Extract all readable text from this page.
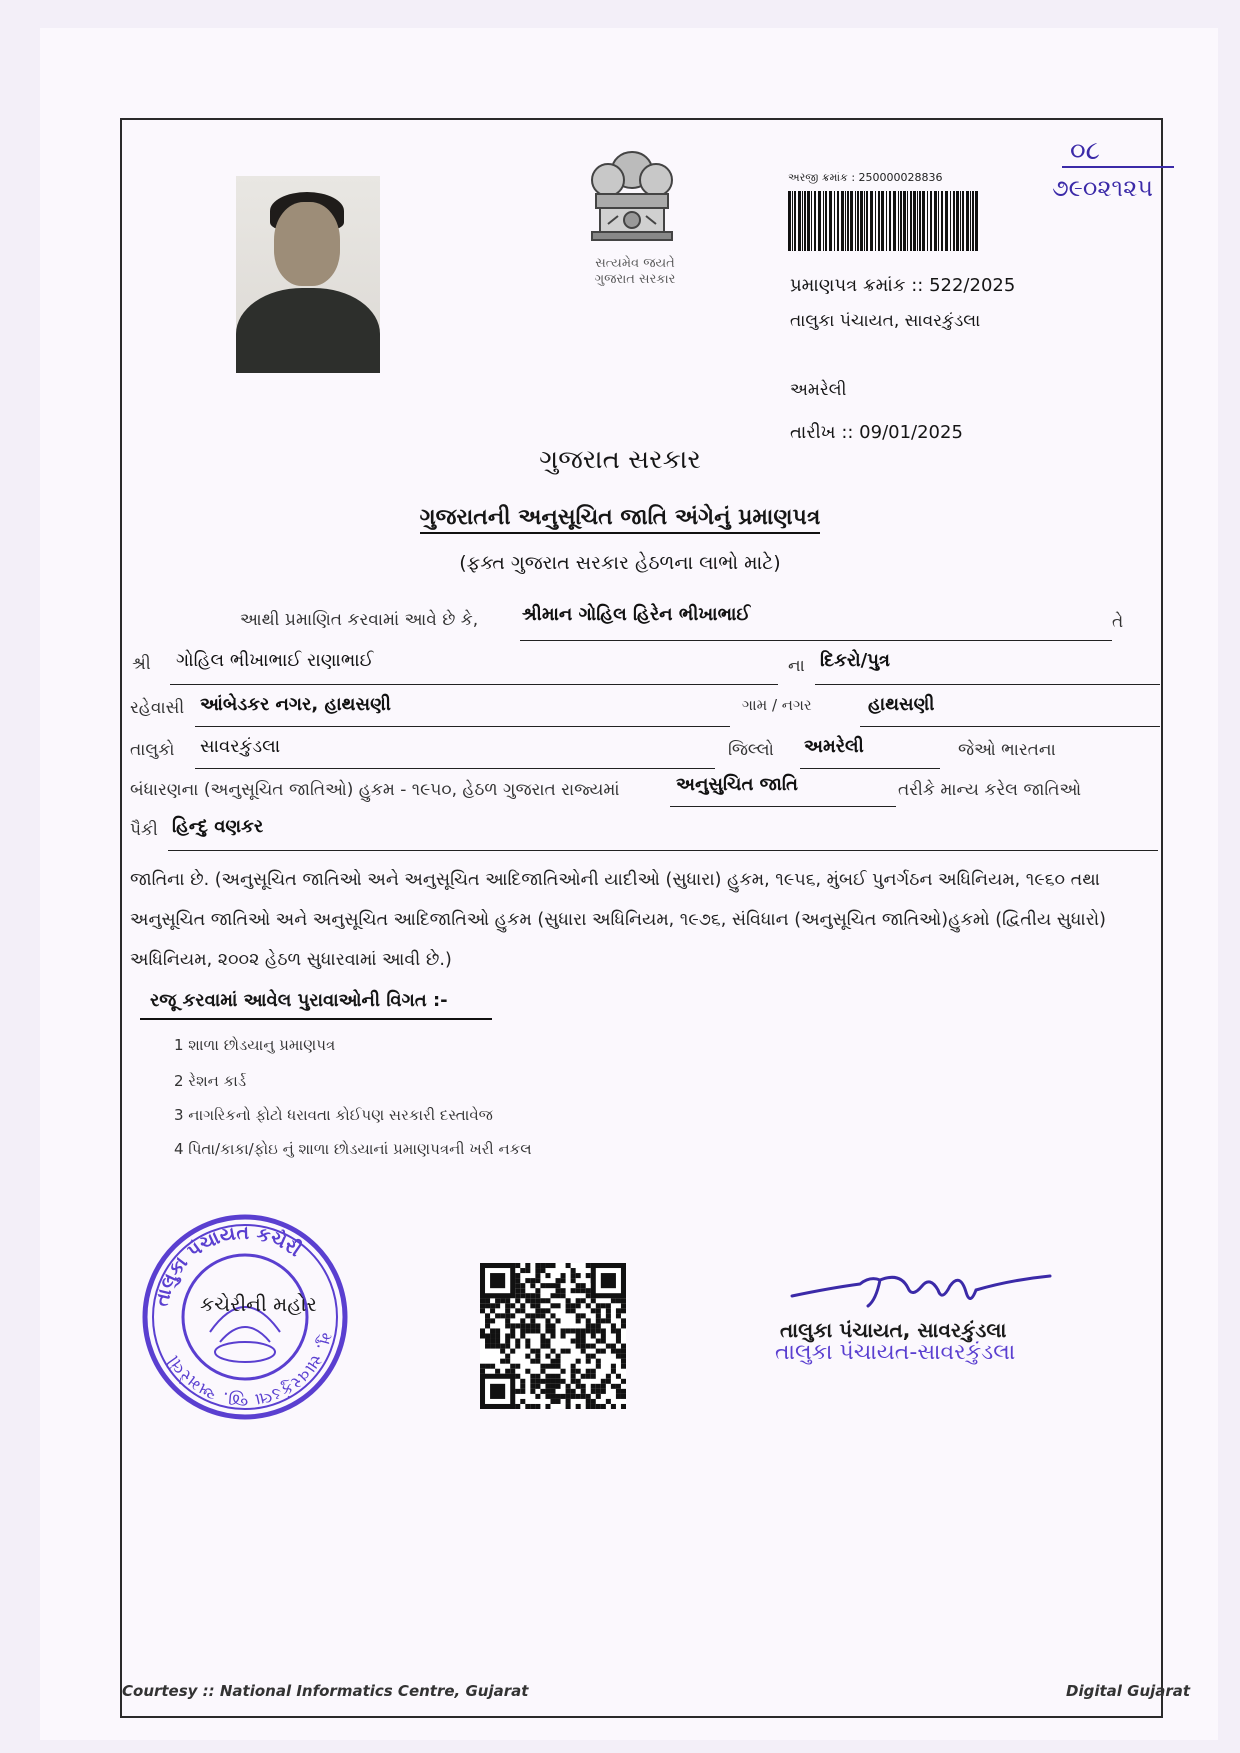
સત્યમેવ જયતે
ગુજરાત સરકાર
અરજી ક્રમાંક : 250000028836
પ્રમાણપત્ર ક્રમાંક :: 522/2025
તાલુકા પંચાયત, સાવરકુંડલા
અમરેલી
તારીખ :: 09/01/2025
૦૮
૭૯૦૨૧૨૫
ગુજરાત સરકાર
ગુજરાતની અનુસૂચિત જાતિ અંગેનું પ્રમાણપત્ર
(ફક્ત ગુજરાત સરકાર હેઠળના લાભો માટે)
આથી પ્રમાણિત કરવામાં આવે છે કે, શ્રીમાન ગોહિલ હિરેન ભીખાભાઈ	તે
શ્રી ગોહિલ ભીખાભાઈ રાણાભાઈ	ના દિકરો/પુત્ર
રહેવાસી આંબેડકર નગર, હાથસણી	ગામ / નગર	હાથસણી
તાલુકો સાવરકુંડલા	જિલ્લો અમરેલી	જેઓ ભારતના
બંધારણના (અનુસૂચિત જાતિઓ) હુકમ - ૧૯૫૦, હેઠળ ગુજરાત રાજ્યમાં	અનુસુચિત જાતિ	તરીકે માન્ય કરેલ જાતિઓ
પૈકી હિન્દુ વણકર
જાતિના છે. (અનુસૂચિત જાતિઓ અને અનુસૂચિત આદિજાતિઓની યાદીઓ (સુધારા) હુકમ, ૧૯૫૬, મુંબઈ પુનર્ગઠન અધિનિયમ, ૧૯૬૦ તથા
અનુસૂચિત જાતિઓ અને અનુસૂચિત આદિજાતિઓ હુકમ (સુધારા અધિનિયમ, ૧૯૭૬, સંવિધાન (અનુસૂચિત જાતિઓ)હુકમો (દ્વિતીય સુધારો)
અધિનિયમ, ૨૦૦૨ હેઠળ સુધારવામાં આવી છે.)
રજૂ કરવામાં આવેલ પુરાવાઓની વિગત :-
1 શાળા છોડયાનુ પ્રમાણપત્ર
2 રેશન કાર્ડ
3 નાગરિકનો ફોટો ધરાવતા કોઈપણ સરકારી દસ્તાવેજ
4 પિતા/કાકા/ફોઇ નું શાળા છોડયાનાં પ્રમાણપત્રની ખરી નકલ
તાલુકા પંચાયત કચેરી
મુ. સાવરકુંડલા જી. અમરેલી
કચેરીની મહોર
તાલુકા પંચાયત, સાવરકુંડલા
તાલુકા પંચાયત-સાવરકુંડલા
Courtesy :: National Informatics Centre, Gujarat	Digital Gujarat
